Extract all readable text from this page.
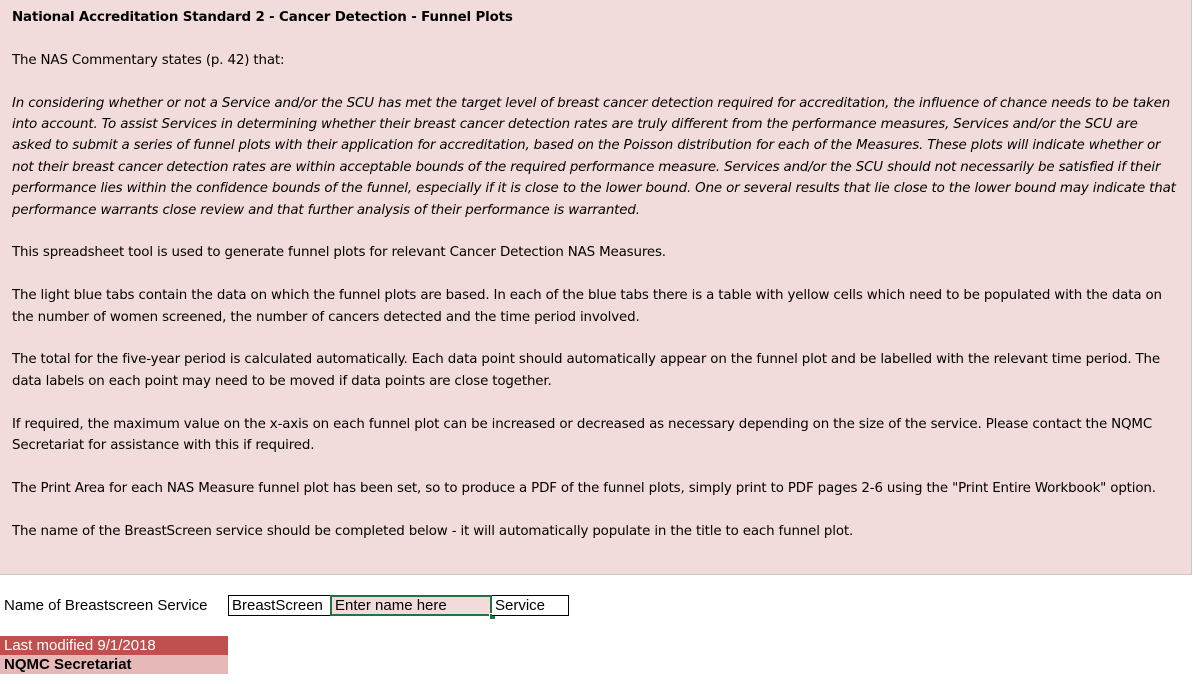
National Accreditation Standard 2 - Cancer Detection - Funnel Plots

The NAS Commentary states (p. 42) that:

In considering whether or not a Service and/or the SCU has met the target level of breast cancer detection required for accreditation, the influence of chance needs to be taken into account. To assist Services in determining whether their breast cancer detection rates are truly different from the performance measures, Services and/or the SCU are asked to submit a series of funnel plots with their application for accreditation, based on the Poisson distribution for each of the Measures. These plots will indicate whether or not their breast cancer detection rates are within acceptable bounds of the required performance measure. Services and/or the SCU should not necessarily be satisfied if their performance lies within the confidence bounds of the funnel, especially if it is close to the lower bound. One or several results that lie close to the lower bound may indicate that performance warrants close review and that further analysis of their performance is warranted.

This spreadsheet tool is used to generate funnel plots for relevant Cancer Detection NAS Measures.

The light blue tabs contain the data on which the funnel plots are based. In each of the blue tabs there is a table with yellow cells which need to be populated with the data on the number of women screened, the number of cancers detected and the time period involved.

The total for the five-year period is calculated automatically. Each data point should automatically appear on the funnel plot and be labelled with the relevant time period. The data labels on each point may need to be moved if data points are close together.

If required, the maximum value on the x-axis on each funnel plot can be increased or decreased as necessary depending on the size of the service. Please contact the NQMC Secretariat for assistance with this if required.

The Print Area for each NAS Measure funnel plot has been set, so to produce a PDF of the funnel plots, simply print to PDF pages 2-6 using the "Print Entire Workbook" option.

The name of the BreastScreen service should be completed below - it will automatically populate in the title to each funnel plot.

Name of Breastscreen Service BreastScreen Enter name here	Service
Last modified 9/1/2018
NQMC Secretariat
